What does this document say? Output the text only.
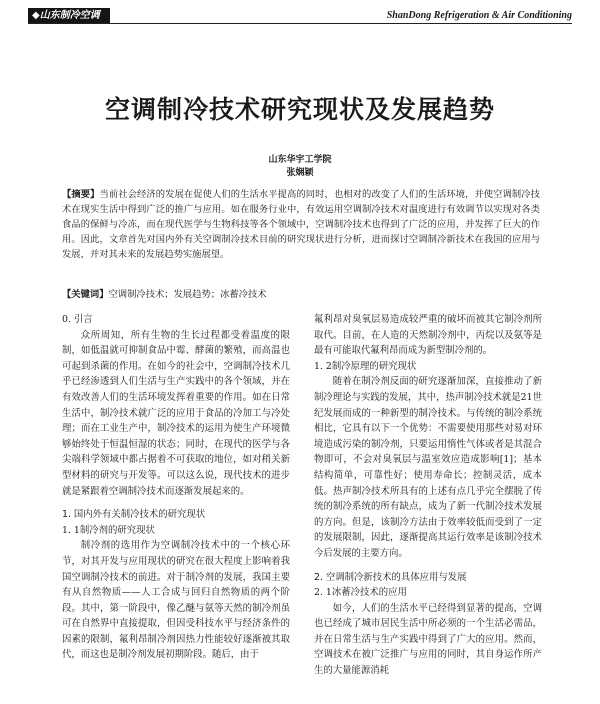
◆山东制冷空调	ShanDong Refrigeration & Air Conditioning
空调制冷技术研究现状及发展趋势
山东华宇工学院
张娴颖
【摘要】当前社会经济的发展在促使人们的生活水平提高的同时，也相对的改变了人们的生活环境，并使空调制冷技术在现实生活中得到广泛的推广与应用。如在服务行业中，有效运用空调制冷技术对温度进行有效调节以实现对各类食品的保鲜与冷冻，而在现代医学与生物科技等各个领域中，空调制冷技术也得到了广泛的应用，并发挥了巨大的作用。因此，文章首先对国内外有关空调制冷技术目前的研究现状进行分析，进而探讨空调制冷新技术在我国的应用与发展，并对其未来的发展趋势实施展望。
【关键词】空调制冷技术；发展趋势；冰蓄冷技术
0. 引言

众所周知，所有生物的生长过程都受着温度的限制，如低温就可抑制食品中霉、酵菌的繁殖，而高温也可起到杀菌的作用。在如今的社会中，空调制冷技术几乎已经渗透到人们生活与生产实践中的各个领域，并在有效改善人们的生活环境发挥着重要的作用。如在日常生活中，制冷技术就广泛的应用于食品的冷加工与冷处理；而在工业生产中，制冷技术的运用为使生产环境微够始终处于恒温恒湿的状态；同时，在现代的医学与各尖端科学领域中都占据着不可获取的地位，如对稍关新型材料的研究与开发等。可以这么说，现代技术的进步就是紧跟着空调制冷技术而逐渐发展起来的。

1. 国内外有关制冷技术的研究现状
1. 1制冷剂的研究现状

制冷剂的选用作为空调制冷技术中的一个核心环节，对其开发与应用现状的研究在很大程度上影响着我国空调制冷技术的前进。对于制冷剂的发展，我国主要有从自然物质——人工合成与回归自然物质的两个阶段。其中，第一阶段中，像乙醚与氨等天然的制冷剂虽可在自然界中直接提取，但因受科技水平与经济条件的因素的限制，氟利昂制冷剂因热力性能较好逐渐被其取代，而这也是制冷剂发展初期阶段。随后，由于

氟利昂对臭氧层易造成较严重的破坏而被其它制冷剂所取代。目前，在人造的天然制冷剂中，丙烷以及氨等是最有可能取代氟利昂而成为新型制冷剂的。

1. 2制冷原理的研究现状

随着在制冷剂反面的研究逐渐加深，直接推动了新制冷理论与实践的发展，其中，热声制冷技术就是21世纪发展而成的一种新型的制冷技术。与传统的制冷系统相比，它具有以下一个优势：不需要使用那些对易对环境造成污染的制冷剂，只要运用惰性气体或者是其混合物即可，不会对臭氧层与温室效应造成影响[1]；基本结构简单，可靠性好；使用寿命长；控制灵活，成本低。热声制冷技术所具有的上述有点几乎完全摆脱了传统的制冷系统的所有缺点，成为了新一代制冷技术发展的方向。但是，该制冷方法由于效率较低而受到了一定的发展限制，因此，逐渐提高其运行效率是该制冷技术今后发展的主要方向。

2. 空调制冷新技术的具体应用与发展
2. 1冰蓄冷技术的应用

如今，人们的生活水平已经得到显著的提高，空调也已经成了城市居民生活中所必须的一个生活必需品，并在日常生活与生产实践中得到了广大的应用。然而，空调技术在被广泛推广与应用的同时，其自身运作所产生的大量能源消耗
